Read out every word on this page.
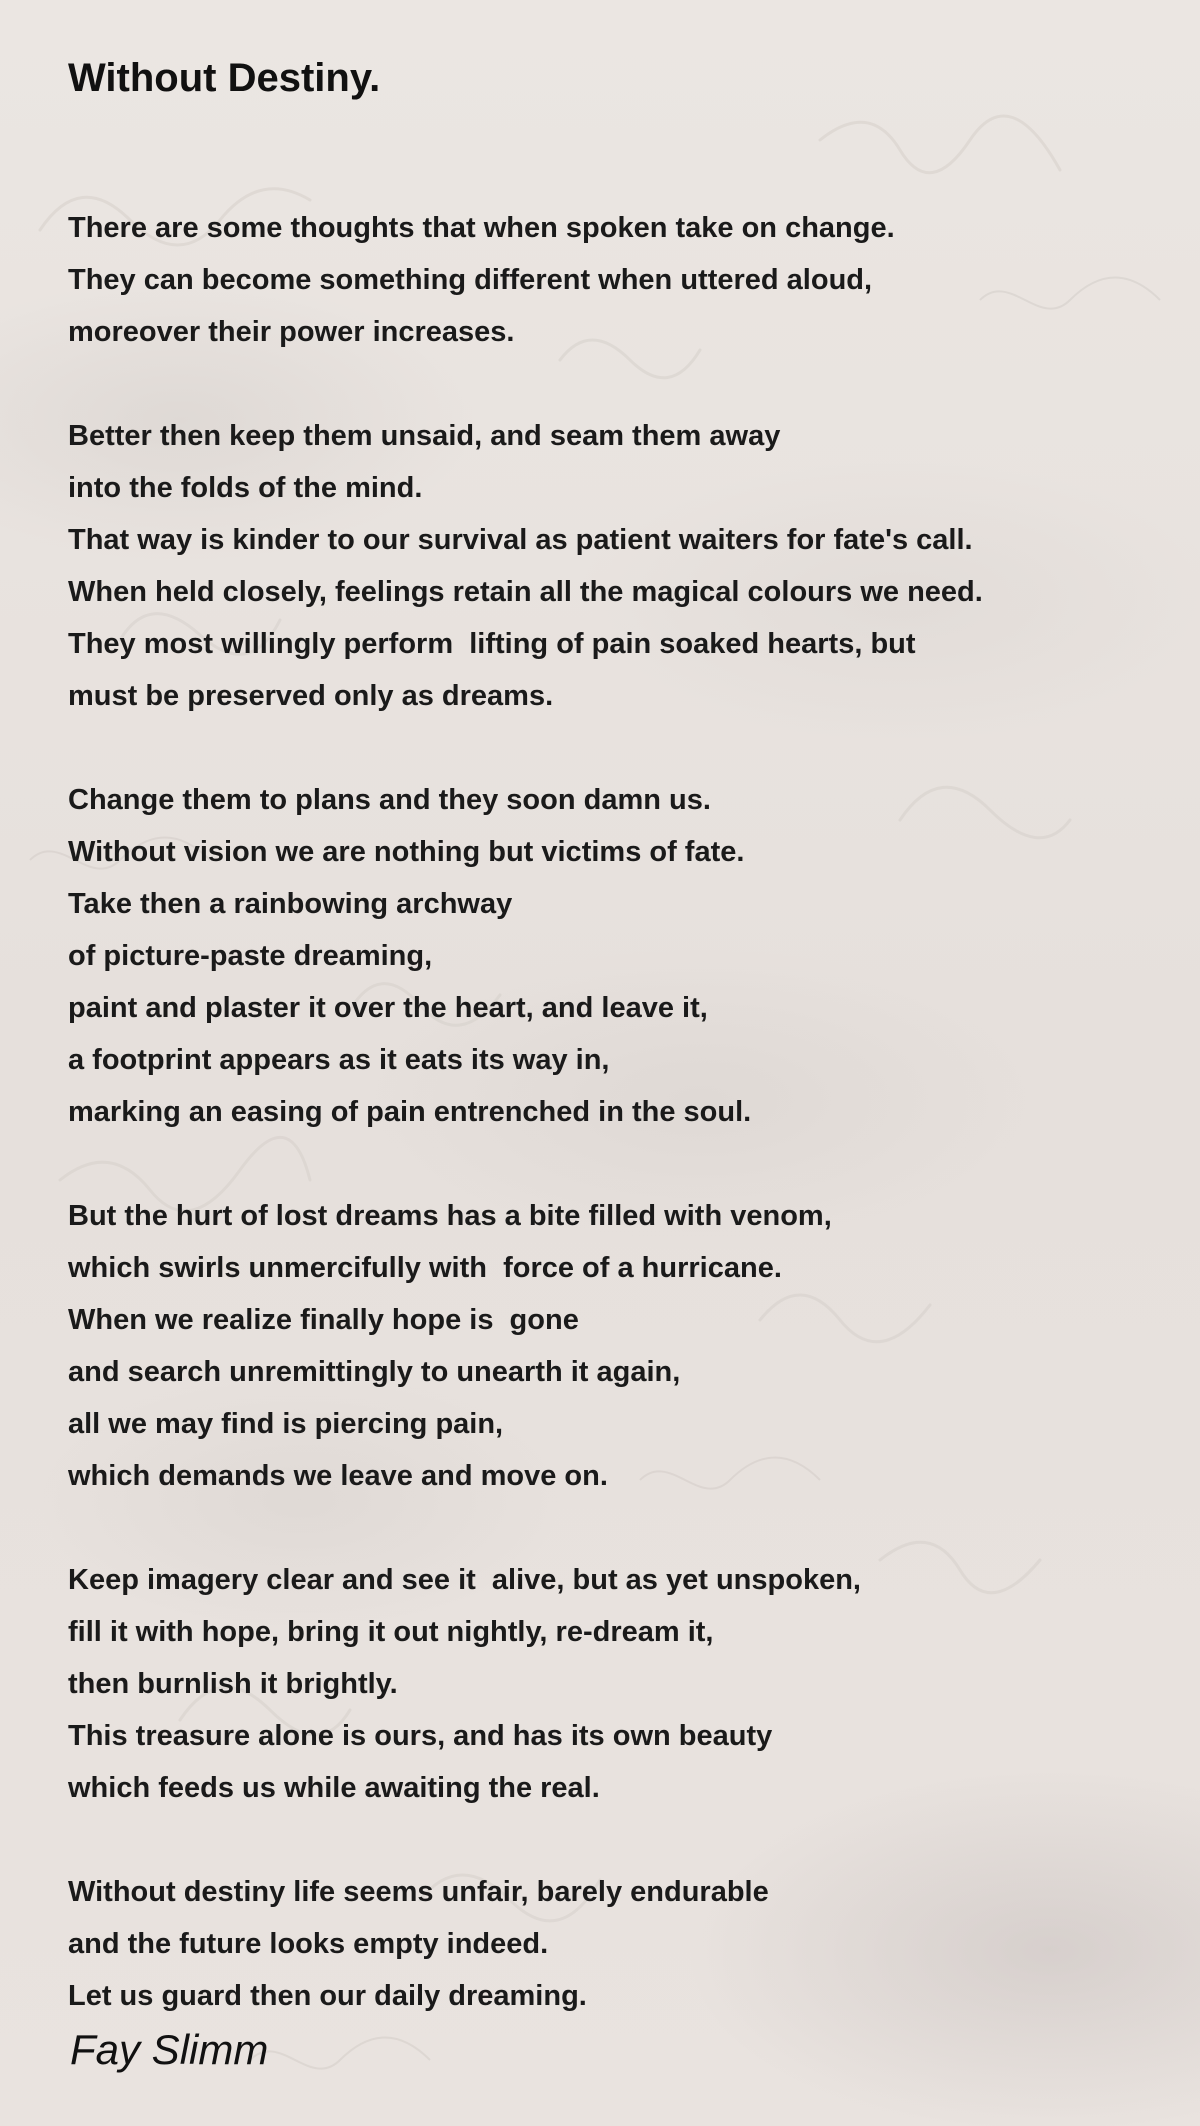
Without Destiny.
There are some thoughts that when spoken take on change.
They can become something different when uttered aloud,
moreover their power increases.
Better then keep them unsaid, and seam them away
into the folds of the mind.
That way is kinder to our survival as patient waiters for fate's call.
When held closely, feelings retain all the magical colours we need.
They most willingly perform  lifting of pain soaked hearts, but
must be preserved only as dreams.
Change them to plans and they soon damn us.
Without vision we are nothing but victims of fate.
Take then a rainbowing archway
of picture-paste dreaming,
paint and plaster it over the heart, and leave it,
a footprint appears as it eats its way in,
marking an easing of pain entrenched in the soul.
But the hurt of lost dreams has a bite filled with venom,
which swirls unmercifully with  force of a hurricane.
When we realize finally hope is  gone
and search unremittingly to unearth it again,
all we may find is piercing pain,
which demands we leave and move on.
Keep imagery clear and see it  alive, but as yet unspoken,
fill it with hope, bring it out nightly, re-dream it,
then burnlish it brightly.
This treasure alone is ours, and has its own beauty
which feeds us while awaiting the real.
Without destiny life seems unfair, barely endurable
and the future looks empty indeed.
Let us guard then our daily dreaming.
Fay Slimm
